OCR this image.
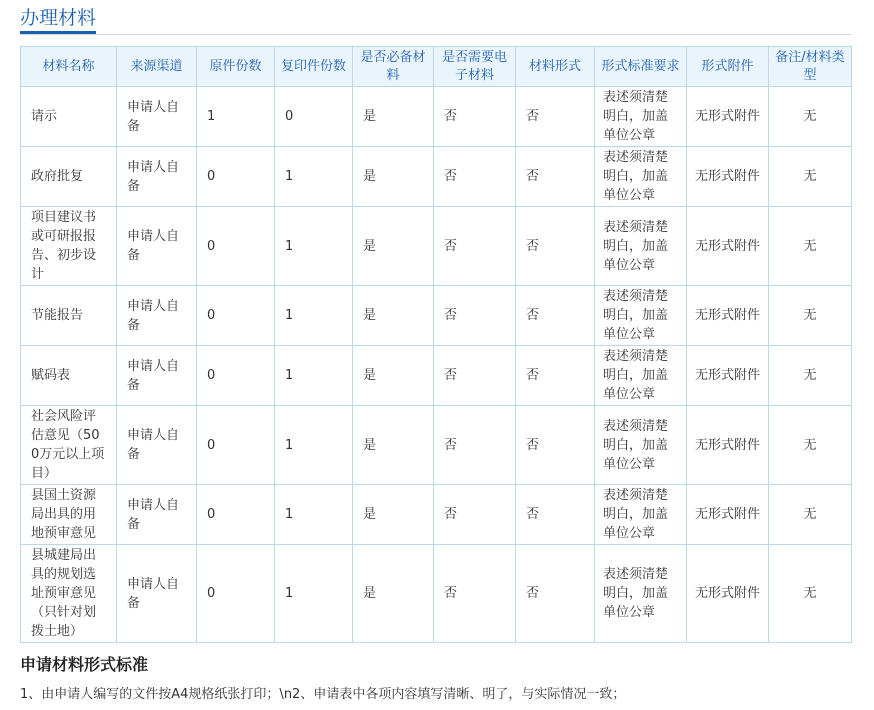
办理材料
材料名称	来源渠道	原件份数	复印件份数	是否必备材料	是否需要电子材料	材料形式	形式标准要求	形式附件	备注/材料类型
请示	申请人自备	1	0	是	否	否	表述须清楚明白，加盖单位公章	无形式附件	无
政府批复	申请人自备	0	1	是	否	否	表述须清楚明白，加盖单位公章	无形式附件	无
项目建议书或可研报报告、初步设计	申请人自备	0	1	是	否	否	表述须清楚明白，加盖单位公章	无形式附件	无
节能报告	申请人自备	0	1	是	否	否	表述须清楚明白，加盖单位公章	无形式附件	无
赋码表	申请人自备	0	1	是	否	否	表述须清楚明白，加盖单位公章	无形式附件	无
社会风险评估意见（500万元以上项目）	申请人自备	0	1	是	否	否	表述须清楚明白，加盖单位公章	无形式附件	无
县国土资源局出具的用地预审意见	申请人自备	0	1	是	否	否	表述须清楚明白，加盖单位公章	无形式附件	无
县城建局出具的规划选址预审意见（只针对划拨土地）	申请人自备	0	1	是	否	否	表述须清楚明白，加盖单位公章	无形式附件	无
申请材料形式标准
1、由申请人编写的文件按A4规格纸张打印；\n2、申请表中各项内容填写清晰、明了，与实际情况一致；
